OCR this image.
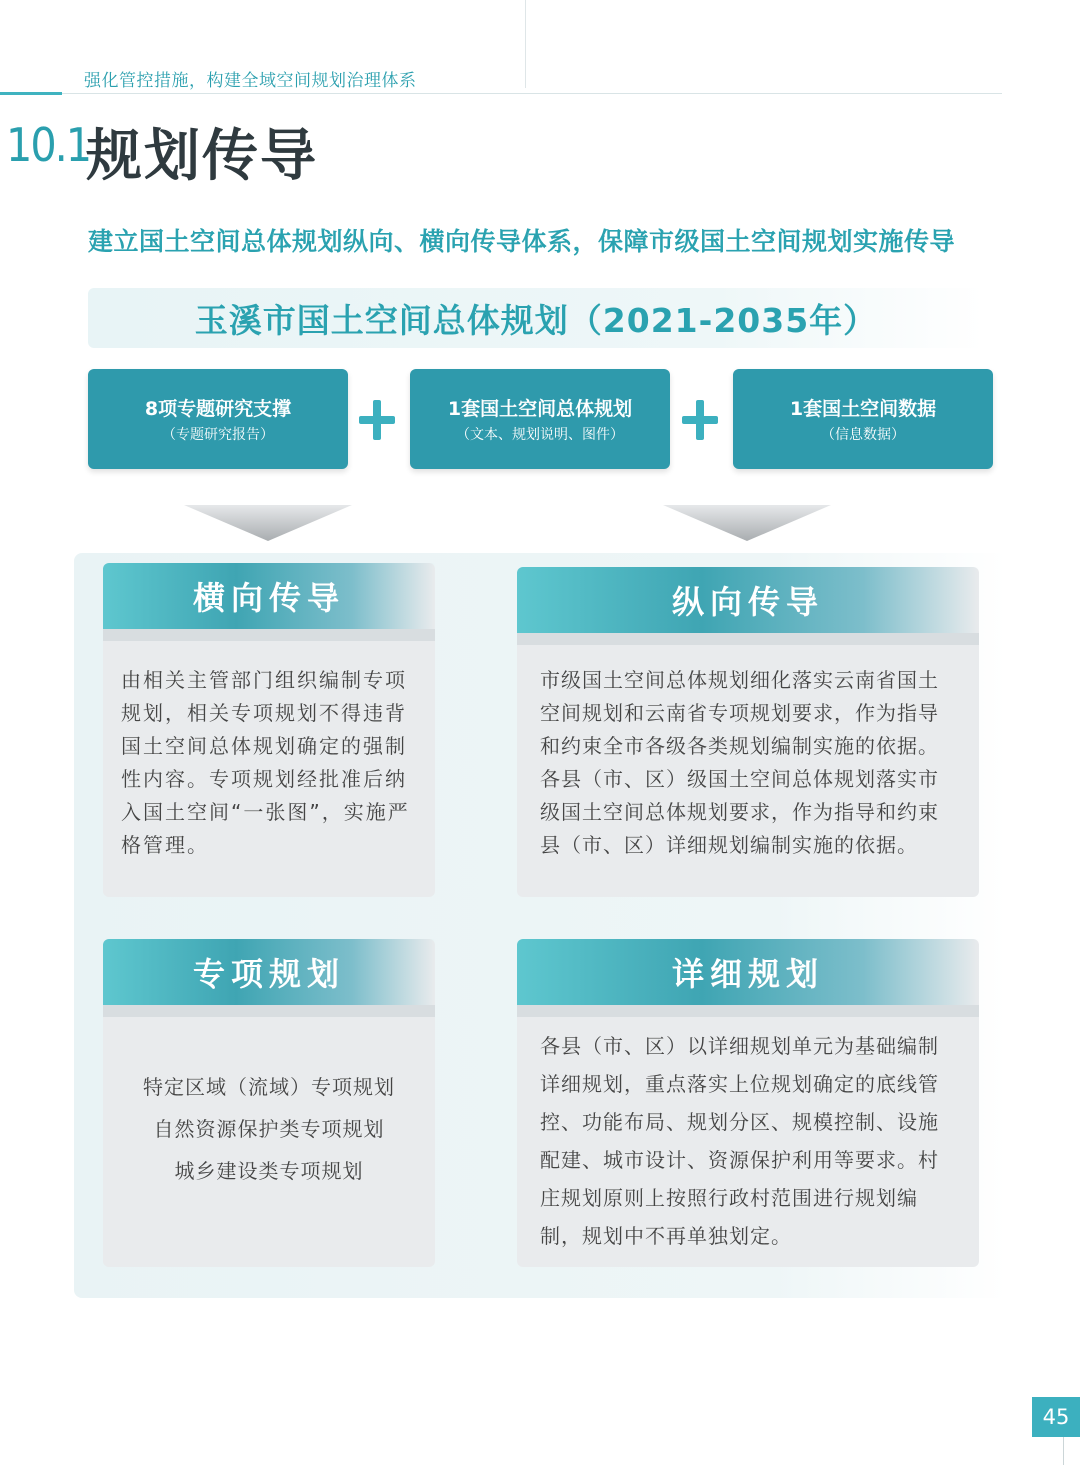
强化管控措施，构建全域空间规划治理体系
10.1
规划传导
建立国土空间总体规划纵向、横向传导体系，保障市级国土空间规划实施传导
玉溪市国土空间总体规划（2021-2035年）
8项专题研究支撑
（专题研究报告）
1套国土空间总体规划
（文本、规划说明、图件）
1套国土空间数据
（信息数据）
横向传导
由相关主管部门组织编制专项规划，相关专项规划不得违背国土空间总体规划确定的强制性内容。专项规划经批准后纳入国土空间“一张图”，实施严格管理。
纵向传导

市级国土空间总体规划细化落实云南省国土空间规划和云南省专项规划要求，作为指导和约束全市各级各类规划编制实施的依据。

各县（市、区）级国土空间总体规划落实市级国土空间总体规划要求，作为指导和约束县（市、区）详细规划编制实施的依据。

专项规划

特定区域（流域）专项规划

自然资源保护类专项规划

城乡建设类专项规划

详细规划
各县（市、区）以详细规划单元为基础编制详细规划，重点落实上位规划确定的底线管控、功能布局、规划分区、规模控制、设施配建、城市设计、资源保护利用等要求。村庄规划原则上按照行政村范围进行规划编制，规划中不再单独划定。
45
